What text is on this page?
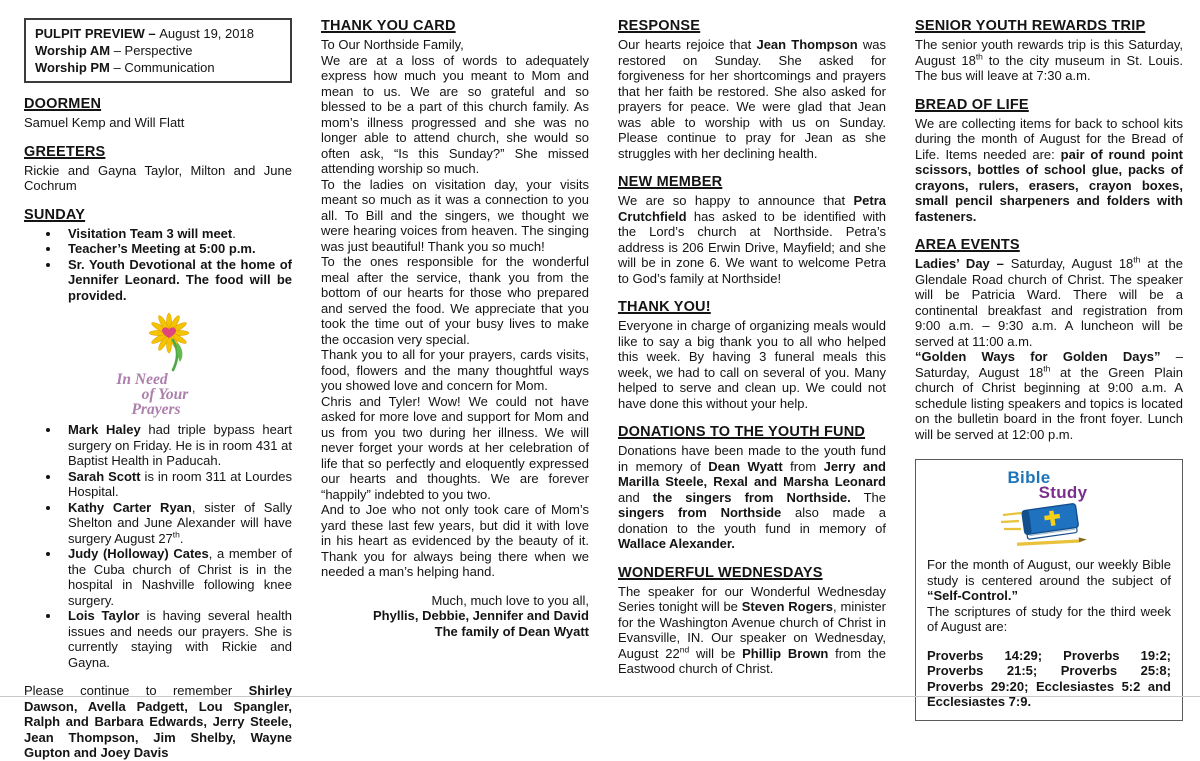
PULPIT PREVIEW – August 19, 2018
Worship AM – Perspective
Worship PM – Communication
DOORMEN

Samuel Kemp and Will Flatt

GREETERS

Rickie and Gayna Taylor, Milton and June Cochrum

SUNDAY
• Visitation Team 3 will meet.
• Teacher’s Meeting at 5:00 p.m.
• Sr. Youth Devotional at the home of Jennifer Leonard. The food will be provided.
In Need
of Your
Prayers
• Mark Haley had triple bypass heart surgery on Friday. He is in room 431 at Baptist Health in Paducah.
• Sarah Scott is in room 311 at Lourdes Hospital.
• Kathy Carter Ryan, sister of Sally Shelton and June Alexander will have surgery August 27th.
• Judy (Holloway) Cates, a member of the Cuba church of Christ is in the hospital in Nashville following knee surgery.
• Lois Taylor is having several health issues and needs our prayers. She is currently staying with Rickie and Gayna.

Please continue to remember Shirley Dawson, Avella Padgett, Lou Spangler, Ralph and Barbara Edwards, Jerry Steele, Jean Thompson, Jim Shelby, Wayne Gupton and Joey Davis

THANK YOU CARD

To Our Northside Family,

We are at a loss of words to adequately express how much you meant to Mom and mean to us. We are so grateful and so blessed to be a part of this church family. As mom’s illness progressed and she was no longer able to attend church, she would so often ask, “Is this Sunday?” She missed attending worship so much.

To the ladies on visitation day, your visits meant so much as it was a connection to you all. To Bill and the singers, we thought we were hearing voices from heaven. The singing was just beautiful! Thank you so much!

To the ones responsible for the wonderful meal after the service, thank you from the bottom of our hearts for those who prepared and served the food. We appreciate that you took the time out of your busy lives to make the occasion very special.

Thank you to all for your prayers, cards visits, food, flowers and the many thoughtful ways you showed love and concern for Mom.

Chris and Tyler! Wow! We could not have asked for more love and support for Mom and us from you two during her illness. We will never forget your words at her celebration of life that so perfectly and eloquently expressed our hearts and thoughts. We are forever “happily” indebted to you two.

And to Joe who not only took care of Mom’s yard these last few years, but did it with love in his heart as evidenced by the beauty of it. Thank you for always being there when we needed a man’s helping hand.

Much, much love to you all,

Phyllis, Debbie, Jennifer and David

The family of Dean Wyatt

RESPONSE

Our hearts rejoice that Jean Thompson was restored on Sunday. She asked for forgiveness for her shortcomings and prayers that her faith be restored. She also asked for prayers for peace. We were glad that Jean was able to worship with us on Sunday. Please continue to pray for Jean as she struggles with her declining health.

NEW MEMBER

We are so happy to announce that Petra Crutchfield has asked to be identified with the Lord’s church at Northside. Petra’s address is 206 Erwin Drive, Mayfield; and she will be in zone 6. We want to welcome Petra to God’s family at Northside!

THANK YOU!

Everyone in charge of organizing meals would like to say a big thank you to all who helped this week. By having 3 funeral meals this week, we had to call on several of you. Many helped to serve and clean up. We could not have done this without your help.

DONATIONS TO THE YOUTH FUND

Donations have been made to the youth fund in memory of Dean Wyatt from Jerry and Marilla Steele, Rexal and Marsha Leonard and the singers from Northside. The singers from Northside also made a donation to the youth fund in memory of Wallace Alexander.

WONDERFUL WEDNESDAYS

The speaker for our Wonderful Wednesday Series tonight will be Steven Rogers, minister for the Washington Avenue church of Christ in Evansville, IN. Our speaker on Wednesday, August 22nd will be Phillip Brown from the Eastwood church of Christ.

SENIOR YOUTH REWARDS TRIP

The senior youth rewards trip is this Saturday, August 18th to the city museum in St. Louis. The bus will leave at 7:30 a.m.

BREAD OF LIFE

We are collecting items for back to school kits during the month of August for the Bread of Life. Items needed are: pair of round point scissors, bottles of school glue, packs of crayons, rulers, erasers, crayon boxes, small pencil sharpeners and folders with fasteners.

AREA EVENTS

Ladies’ Day – Saturday, August 18th at the Glendale Road church of Christ. The speaker will be Patricia Ward. There will be a continental breakfast and registration from 9:00 a.m. – 9:30 a.m. A luncheon will be served at 11:00 a.m.

“Golden Ways for Golden Days” – Saturday, August 18th at the Green Plain church of Christ beginning at 9:00 a.m. A schedule listing speakers and topics is located on the bulletin board in the front foyer. Lunch will be served at 12:00 p.m.

Bible
Study

For the month of August, our weekly Bible study is centered around the subject of “Self-Control.”

The scriptures of study for the third week of August are:

Proverbs 14:29; Proverbs 19:2; Proverbs 21:5; Proverbs 25:8; Proverbs 29:20; Ecclesiastes 5:2 and Ecclesiastes 7:9.
